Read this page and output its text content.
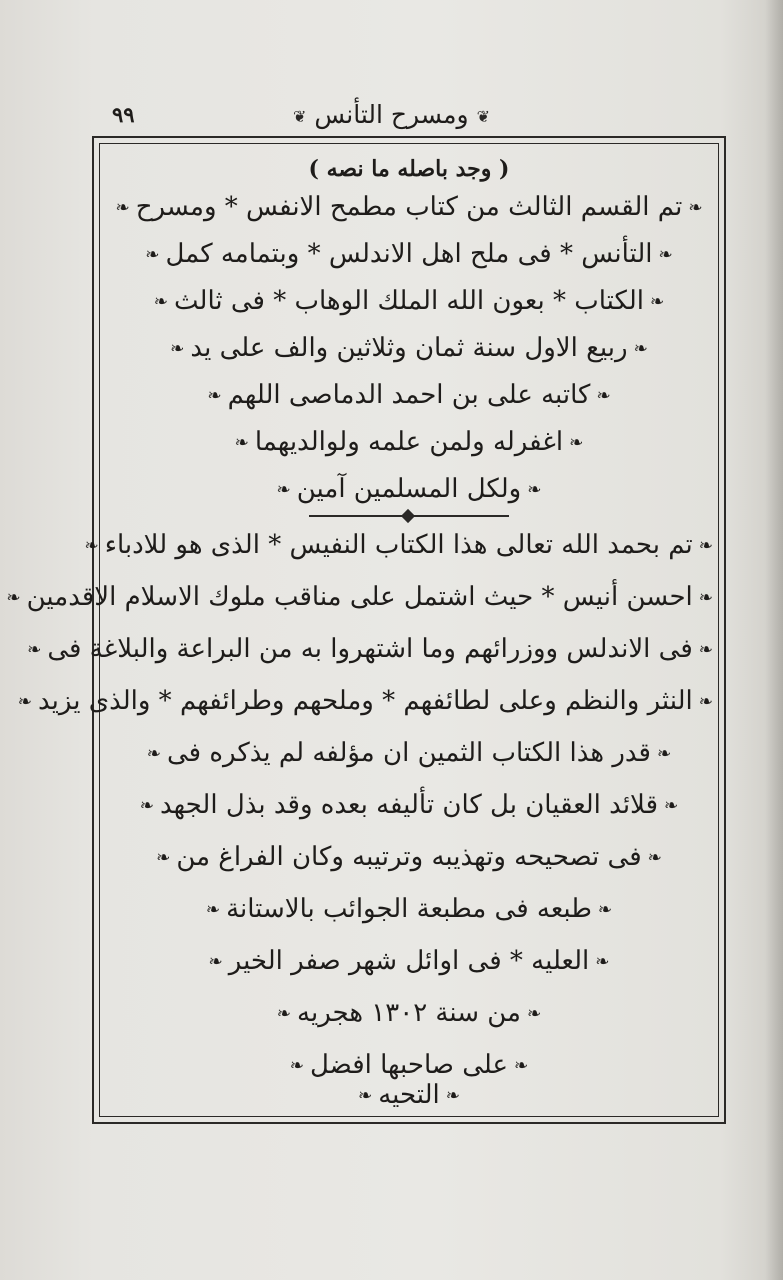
٩٩	❦ومسرح التأنس❦
( وجد باصله ما نصه )
❧تم القسم الثالث من كتاب مطمح الانفس * ومسرح❧
❧التأنس * فى ملح اهل الاندلس * وبتمامه كمل❧
❧الكتاب * بعون الله الملك الوهاب * فى ثالث❧
❧ربيع الاول سنة ثمان وثلاثين والف على يد❧
❧كاتبه على بن احمد الدماصى اللهم❧
❧اغفرله ولمن علمه ولوالديهما❧
❧ولكل المسلمين آمين❧
❧تم بحمد الله تعالى هذا الكتاب النفيس * الذى هو للادباء❧
❧احسن أنيس * حيث اشتمل على مناقب ملوك الاسلام الاقدمين❧
❧فى الاندلس ووزرائهم وما اشتهروا به من البراعة والبلاغة فى❧
❧النثر والنظم وعلى لطائفهم * وملحهم وطرائفهم * والذى يزيد❧
❧قدر هذا الكتاب الثمين ان مؤلفه لم يذكره فى❧
❧قلائد العقيان بل كان تأليفه بعده وقد بذل الجهد❧
❧فى تصحيحه وتهذيبه وترتيبه وكان الفراغ من❧
❧طبعه فى مطبعة الجوائب بالاستانة❧
❧العليه * فى اوائل شهر صفر الخير❧
❧من سنة ١٣٠٢ هجريه❧
❧على صاحبها افضل❧
❧التحيه❧
